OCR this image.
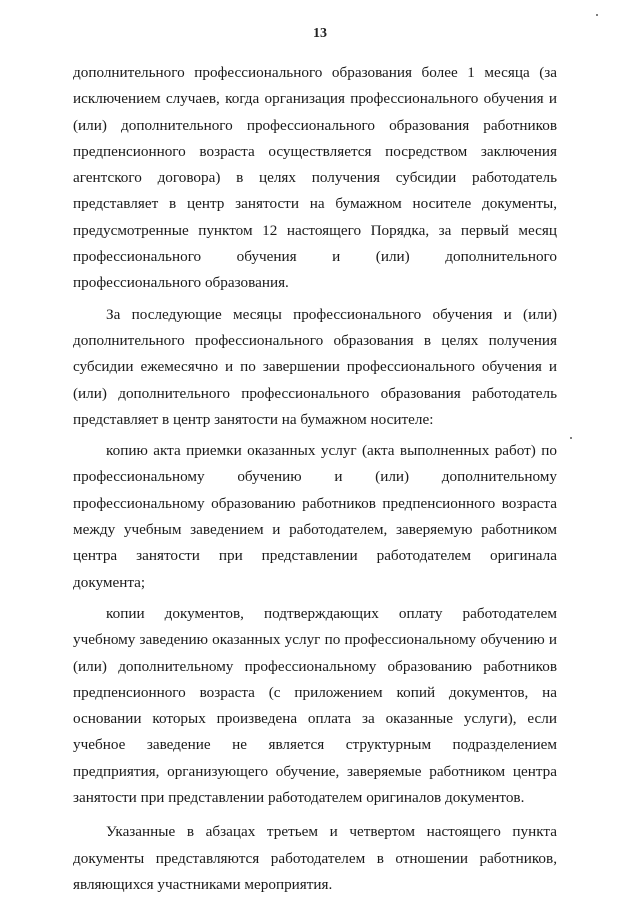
13

дополнительного профессионального образования более 1 месяца (за исключением случаев, когда организация профессионального обучения и (или) дополнительного профессионального образования работников предпенсионного возраста осуществляется посредством заключения агентского договора) в целях получения субсидии работодатель представляет в центр занятости на бумажном носителе документы, предусмотренные пунктом 12 настоящего Порядка, за первый месяц профессионального обучения и (или) дополнительного профессионального образования.

За последующие месяцы профессионального обучения и (или) дополнительного профессионального образования в целях получения субсидии ежемесячно и по завершении профессионального обучения и (или) дополнительного профессионального образования работодатель представляет в центр занятости на бумажном носителе:

копию акта приемки оказанных услуг (акта выполненных работ) по профессиональному обучению и (или) дополнительному профессиональному образованию работников предпенсионного возраста между учебным заведением и работодателем, заверяемую работником центра занятости при представлении работодателем оригинала документа;

копии документов, подтверждающих оплату работодателем учебному заведению оказанных услуг по профессиональному обучению и (или) дополнительному профессиональному образованию работников предпенсионного возраста (с приложением копий документов, на основании которых произведена оплата за оказанные услуги), если учебное заведение не является структурным подразделением предприятия, организующего обучение, заверяемые работником центра занятости при представлении работодателем оригиналов документов.

Указанные в абзацах третьем и четвертом настоящего пункта документы представляются работодателем в отношении работников, являющихся участниками мероприятия.
